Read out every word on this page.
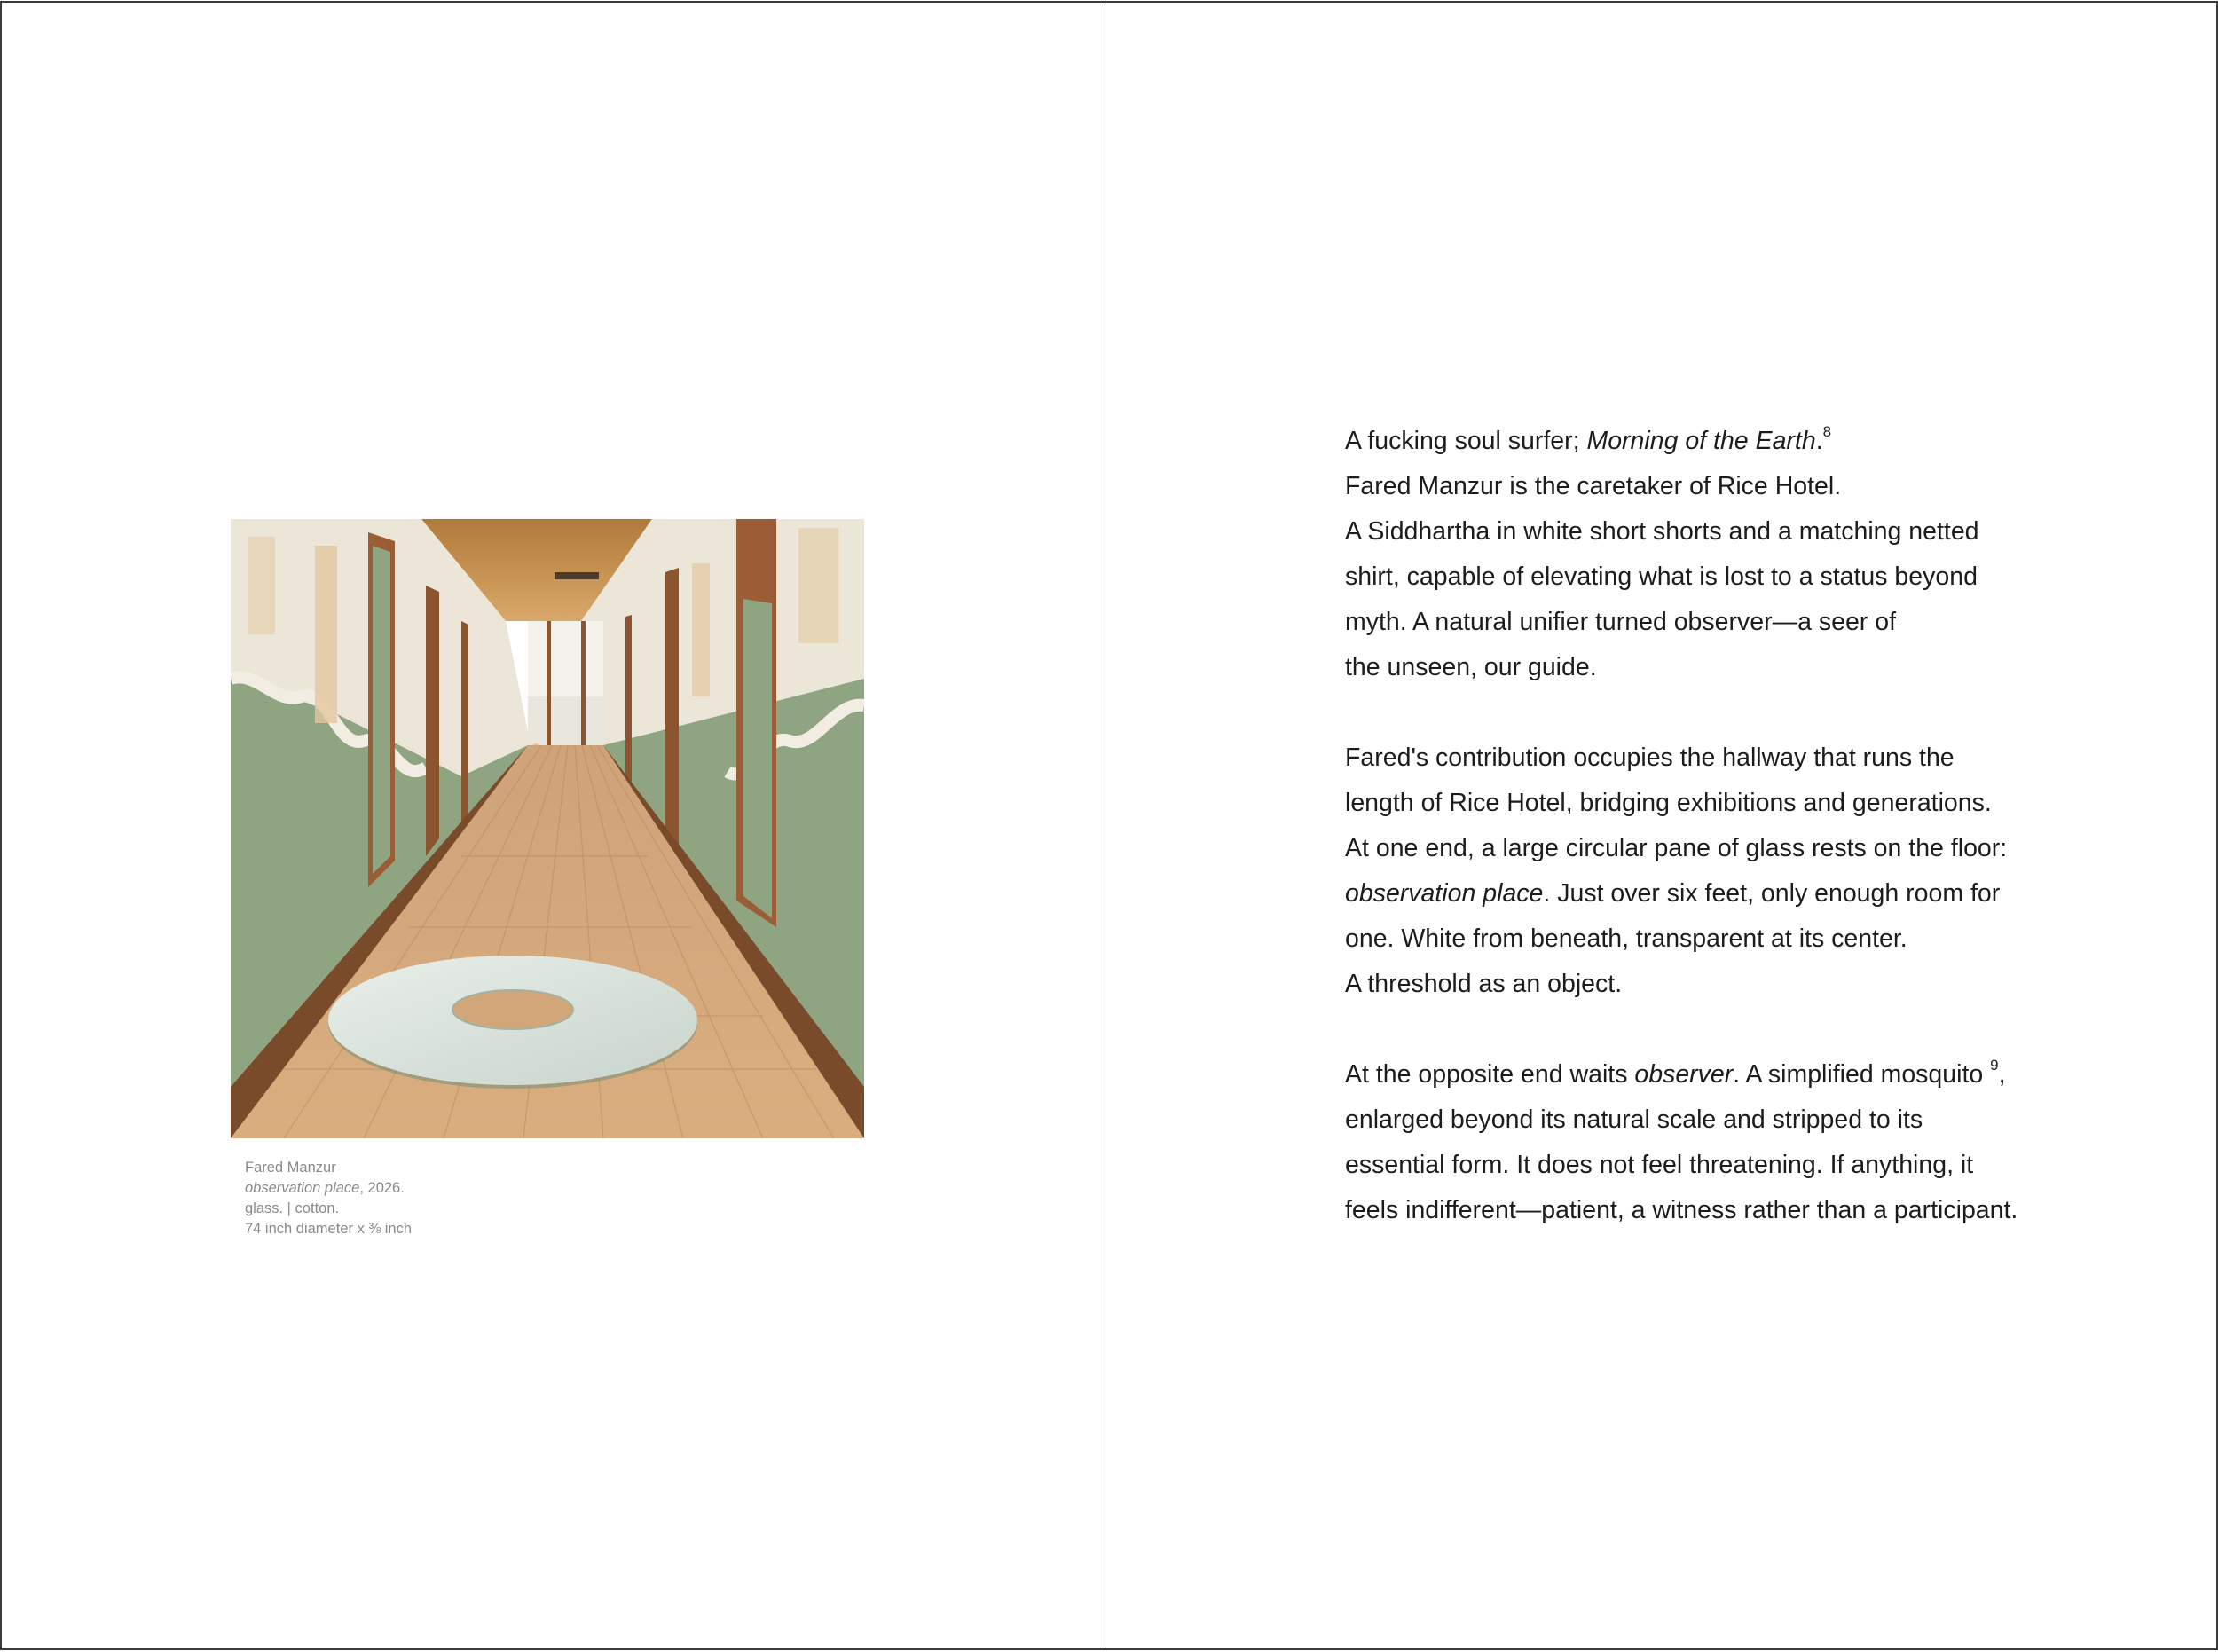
Fared Manzur
observation place, 2026.
glass. | cotton.
74 inch diameter x ⅜ inch
A fucking soul surfer; Morning of the Earth.$^8$
Fared Manzur is the caretaker of Rice Hotel.
A Siddhartha in white short shorts and a matching netted
shirt, capable of elevating what is lost to a status beyond
myth. A natural unifier turned observer—a seer of
the unseen, our guide.
Fared's contribution occupies the hallway that runs the
length of Rice Hotel, bridging exhibitions and generations.
At one end, a large circular pane of glass rests on the floor:
observation place. Just over six feet, only enough room for
one. White from beneath, transparent at its center.
A threshold as an object.
At the opposite end waits observer. A simplified mosquito $^9$,
enlarged beyond its natural scale and stripped to its
essential form. It does not feel threatening. If anything, it
feels indifferent—patient, a witness rather than a participant.
